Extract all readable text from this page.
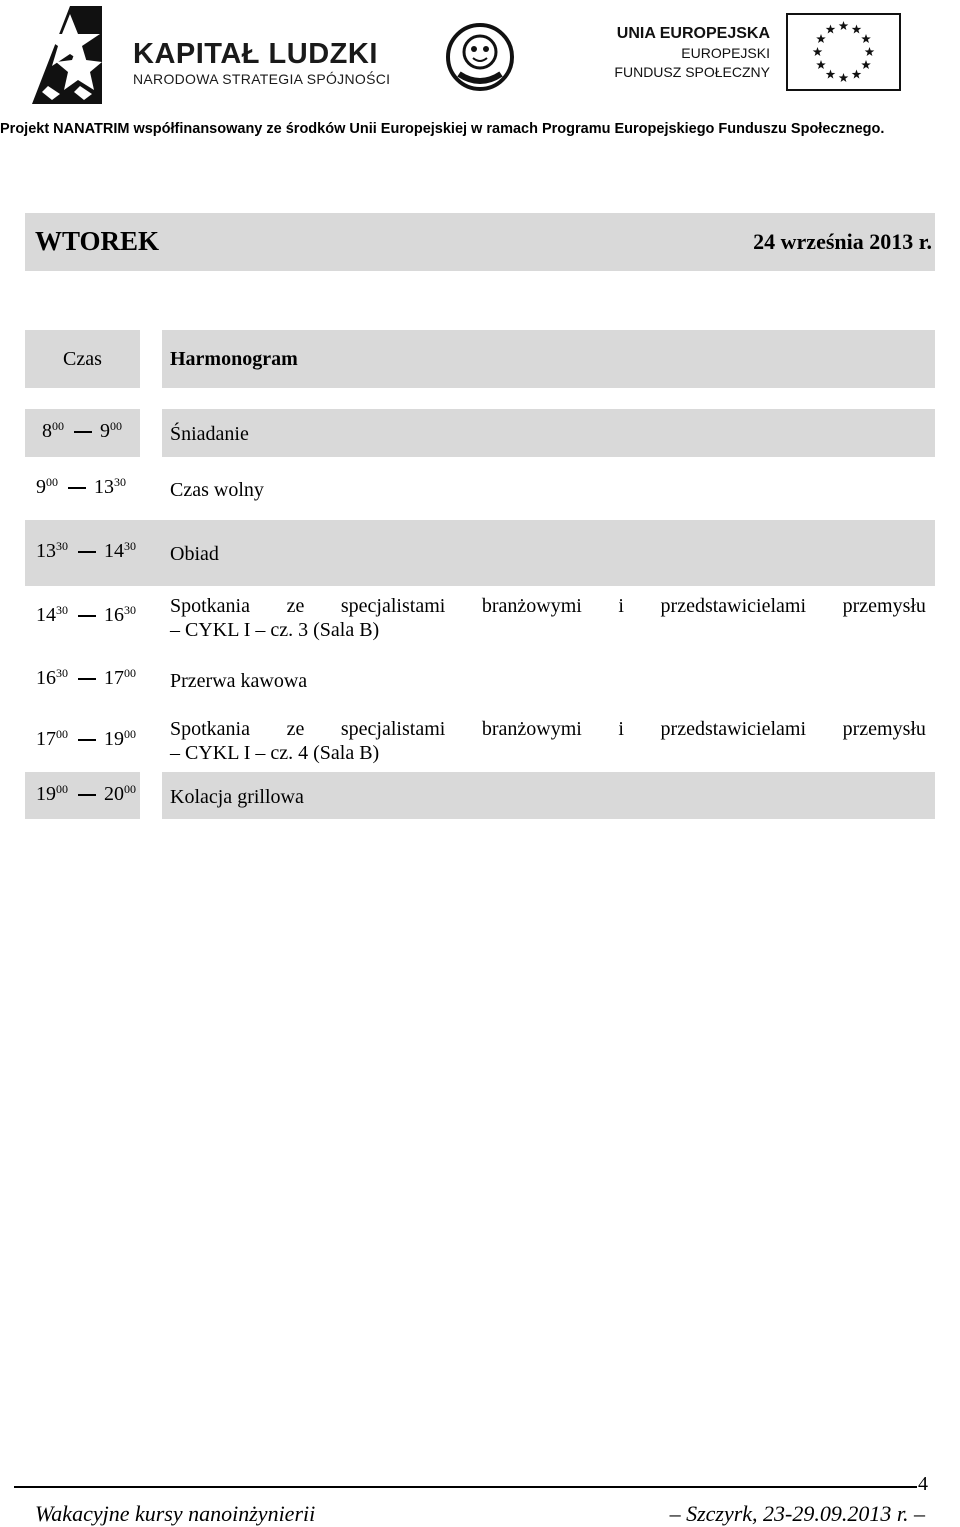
KAPITAŁ LUDZKI
NARODOWA STRATEGIA SPÓJNOŚCI
UNIA EUROPEJSKA
EUROPEJSKI
FUNDUSZ SPOŁECZNY
Projekt NANATRIM współfinansowany ze środków Unii Europejskiej w ramach Programu Europejskiego Funduszu Społecznego.
WTOREK	24 września 2013 r.
Czas	Harmonogram
$8^{00}$ $9^{00}$ Śniadanie
$9^{00}$ $13^{30}$ Czas wolny
$13^{30}$ $14^{30}$ Obiad
$14^{30}$ $16^{30}$ Spotkania ze specjalistami branżowymi i przedstawicielami przemysłu
– CYKL I – cz. 3 (Sala B)
$16^{30}$ $17^{00}$ Przerwa kawowa
$17^{00}$ $19^{00}$ Spotkania ze specjalistami branżowymi i przedstawicielami przemysłu
– CYKL I – cz. 4 (Sala B)
$19^{00}$ $20^{00}$ Kolacja grillowa
4
Wakacyjne kursy nanoinżynierii	– Szczyrk, 23-29.09.2013 r. –
